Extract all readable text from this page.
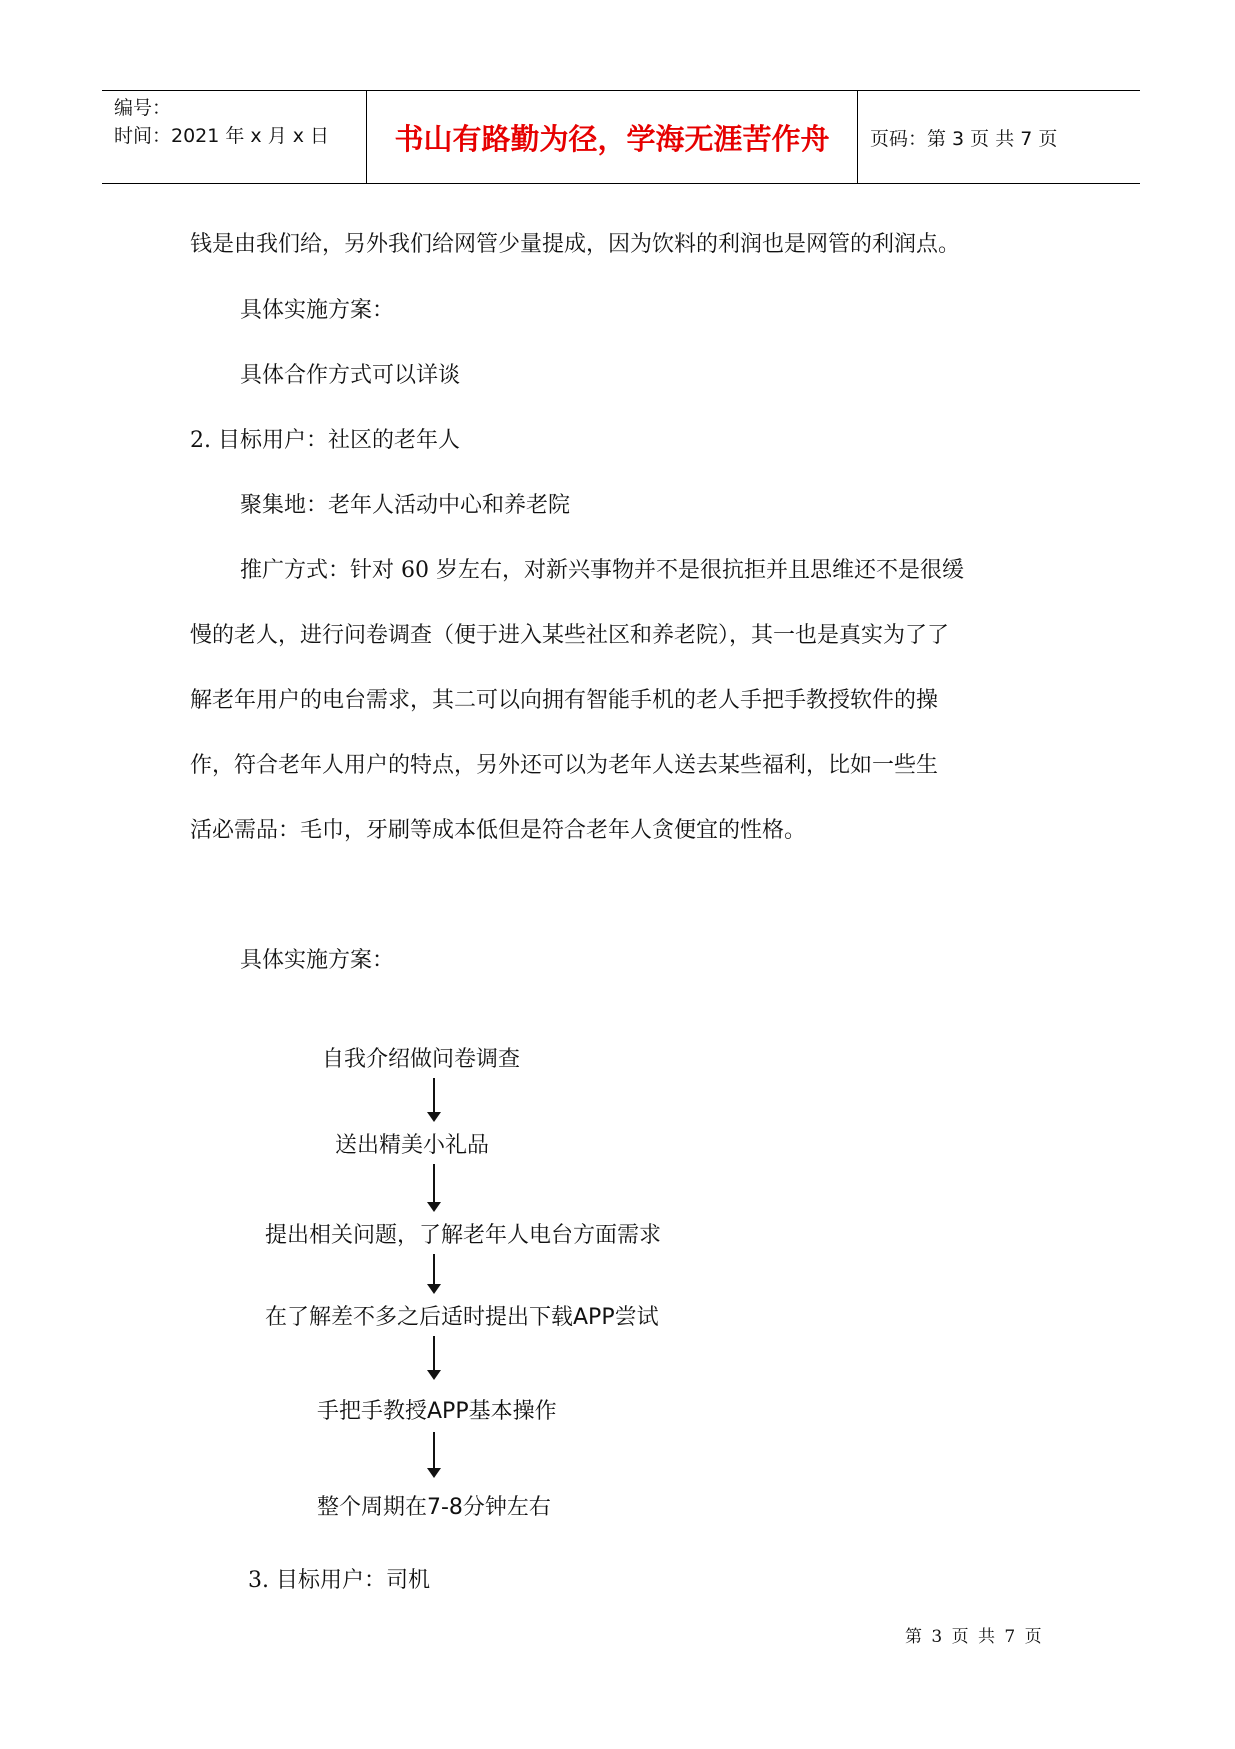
编号：
时间：2021 年 x 月 x 日	书山有路勤为径，学海无涯苦作舟	页码：第 3 页 共 7 页

钱是由我们给，另外我们给网管少量提成，因为饮料的利润也是网管的利润点。

具体实施方案：

具体合作方式可以详谈

2. 目标用户：社区的老年人

聚集地：老年人活动中心和养老院

推广方式：针对 60 岁左右，对新兴事物并不是很抗拒并且思维还不是很缓

慢的老人，进行问卷调查（便于进入某些社区和养老院），其一也是真实为了了

解老年用户的电台需求，其二可以向拥有智能手机的老人手把手教授软件的操

作，符合老年人用户的特点，另外还可以为老年人送去某些福利，比如一些生

活必需品：毛巾，牙刷等成本低但是符合老年人贪便宜的性格。

具体实施方案：

自我介绍做问卷调查
送出精美小礼品
提出相关问题，了解老年人电台方面需求
在了解差不多之后适时提出下载APP尝试
手把手教授APP基本操作
整个周期在7-8分钟左右

3. 目标用户：司机

第 3 页 共 7 页
